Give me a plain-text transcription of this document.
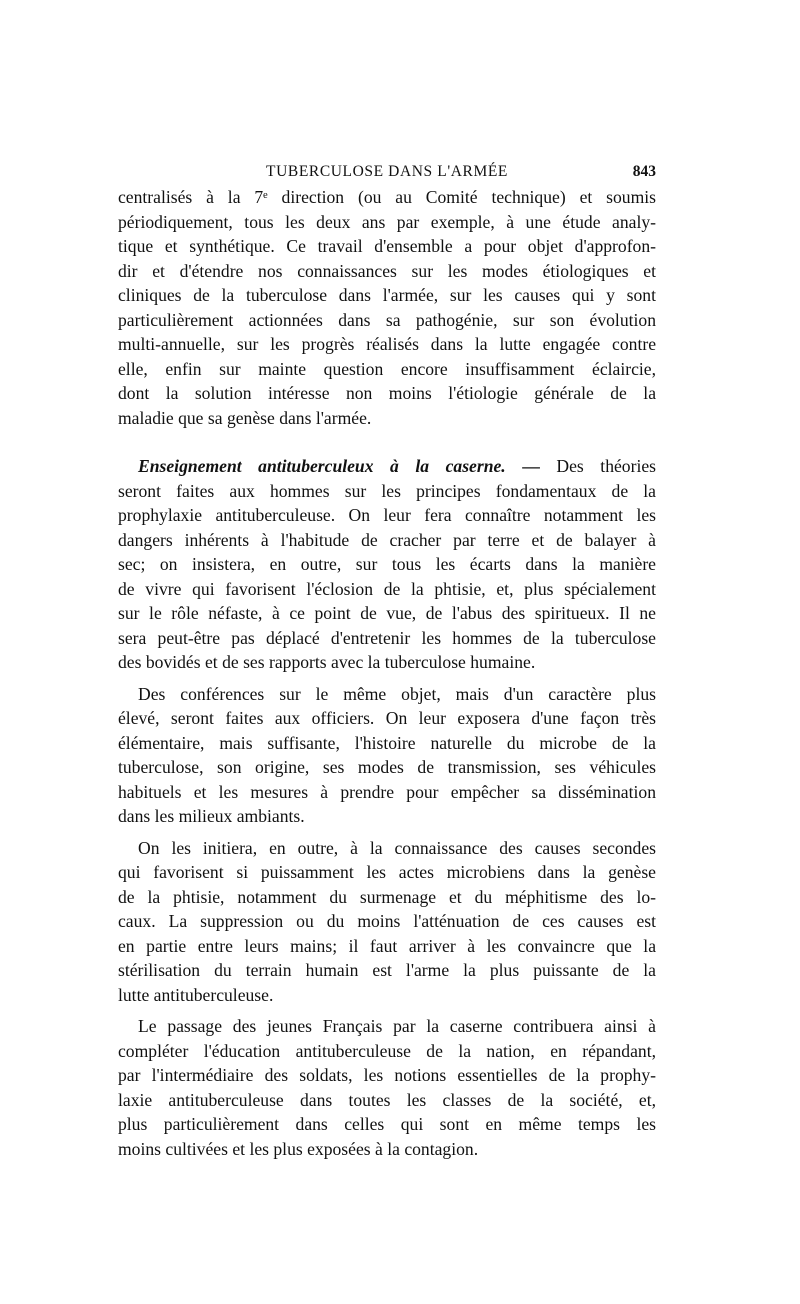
TUBERCULOSE DANS L'ARMÉE	843

centralisés à la 7ᵉ direction (ou au Comité technique) et soumis
périodiquement, tous les deux ans par exemple, à une étude analy-
tique et synthétique. Ce travail d'ensemble a pour objet d'approfon-
dir et d'étendre nos connaissances sur les modes étiologiques et
cliniques de la tuberculose dans l'armée, sur les causes qui y sont
particulièrement actionnées dans sa pathogénie, sur son évolution
multi-annuelle, sur les progrès réalisés dans la lutte engagée contre
elle, enfin sur mainte question encore insuffisamment éclaircie,
dont la solution intéresse non moins l'étiologie générale de la
maladie que sa genèse dans l'armée.

Enseignement antituberculeux à la caserne. — Des théories
seront faites aux hommes sur les principes fondamentaux de la
prophylaxie antituberculeuse. On leur fera connaître notamment les
dangers inhérents à l'habitude de cracher par terre et de balayer à
sec; on insistera, en outre, sur tous les écarts dans la manière
de vivre qui favorisent l'éclosion de la phtisie, et, plus spécialement
sur le rôle néfaste, à ce point de vue, de l'abus des spiritueux. Il ne
sera peut-être pas déplacé d'entretenir les hommes de la tuberculose
des bovidés et de ses rapports avec la tuberculose humaine.

Des conférences sur le même objet, mais d'un caractère plus
élevé, seront faites aux officiers. On leur exposera d'une façon très
élémentaire, mais suffisante, l'histoire naturelle du microbe de la
tuberculose, son origine, ses modes de transmission, ses véhicules
habituels et les mesures à prendre pour empêcher sa dissémination
dans les milieux ambiants.

On les initiera, en outre, à la connaissance des causes secondes
qui favorisent si puissamment les actes microbiens dans la genèse
de la phtisie, notamment du surmenage et du méphitisme des lo-
caux. La suppression ou du moins l'atténuation de ces causes est
en partie entre leurs mains; il faut arriver à les convaincre que la
stérilisation du terrain humain est l'arme la plus puissante de la
lutte antituberculeuse.

Le passage des jeunes Français par la caserne contribuera ainsi à
compléter l'éducation antituberculeuse de la nation, en répandant,
par l'intermédiaire des soldats, les notions essentielles de la prophy-
laxie antituberculeuse dans toutes les classes de la société, et,
plus particulièrement dans celles qui sont en même temps les
moins cultivées et les plus exposées à la contagion.
